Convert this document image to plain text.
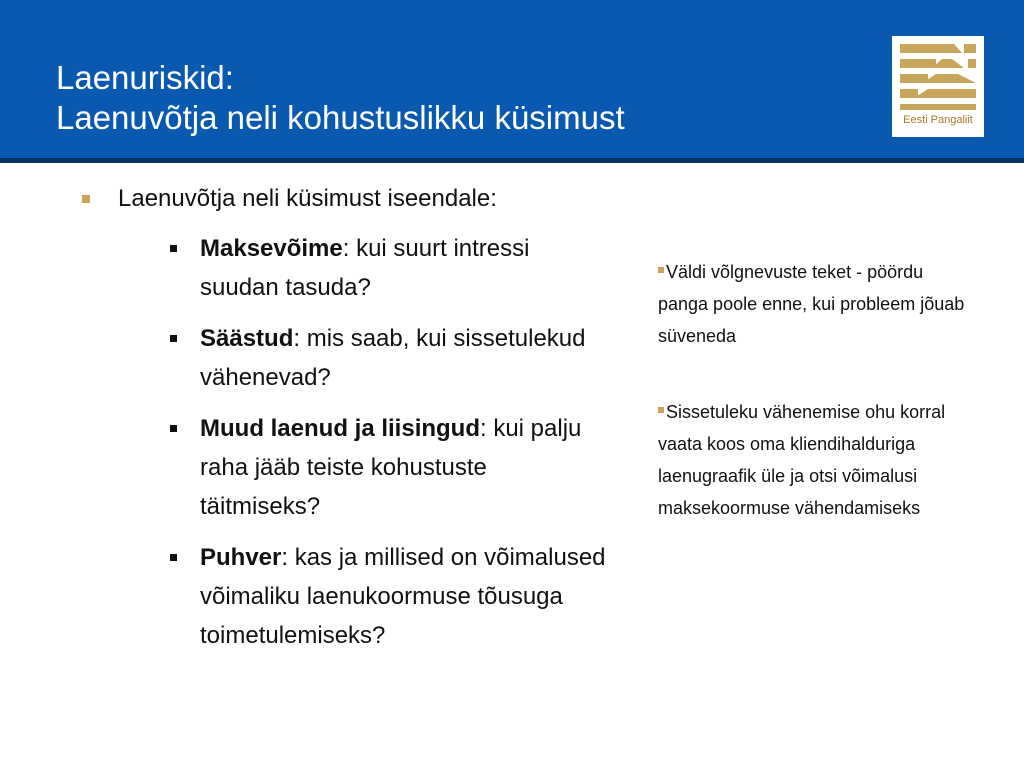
Laenuriskid:
Laenuvõtja neli kohustuslikku küsimust	Eesti Pangaliit
Laenuvõtja neli küsimust iseendale:
Maksevõime: kui suurt intressi suudan tasuda?
Säästud: mis saab, kui sissetulekud vähenevad?
Muud laenud ja liisingud: kui palju raha jääb teiste kohustuste täitmiseks?
Puhver: kas ja millised on võimalused võimaliku laenukoormuse tõusuga toimetulemiseks?

Väldi võlgnevuste teket - pöördu panga poole enne, kui probleem jõuab süveneda

Sissetuleku vähenemise ohu korral vaata koos oma kliendihalduriga laenugraafik üle ja otsi võimalusi maksekoormuse vähendamiseks
